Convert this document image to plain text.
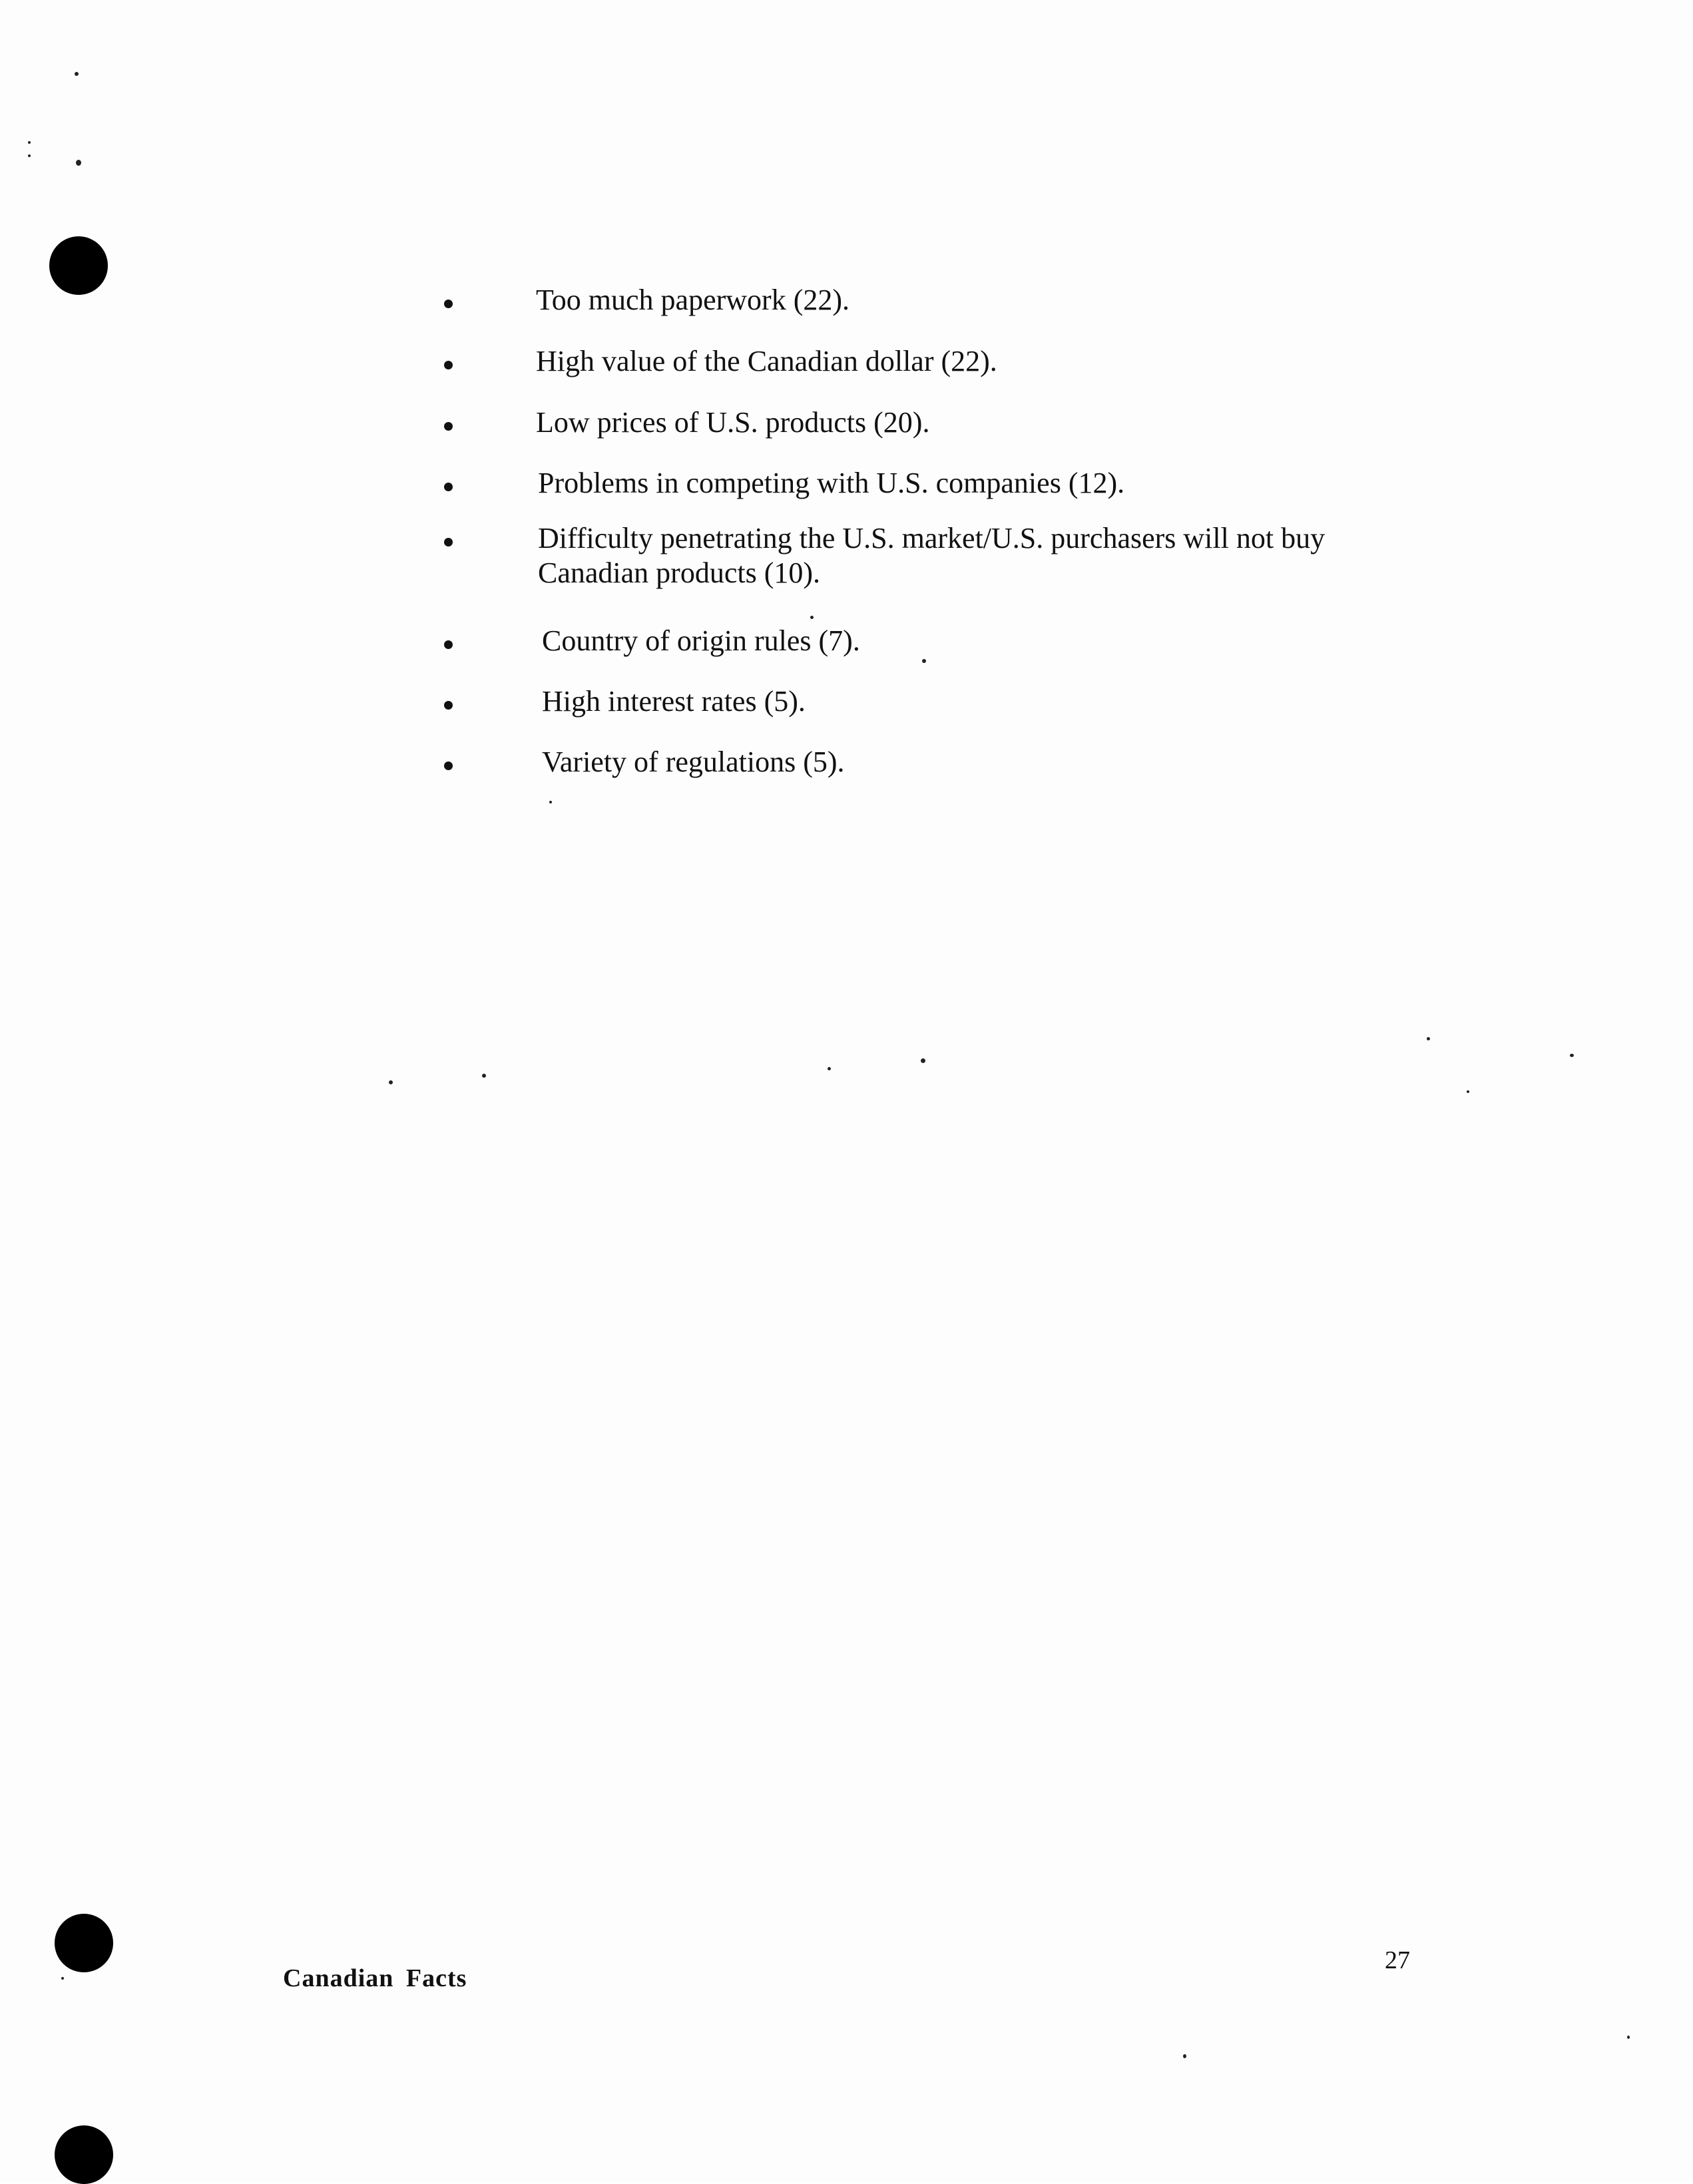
Too much paperwork (22).
High value of the Canadian dollar (22).
Low prices of U.S. products (20).
Problems in competing with U.S. companies (12).
Difficulty penetrating the U.S. market/U.S. purchasers will not buy
Canadian products (10).
Country of origin rules (7).
High interest rates (5).
Variety of regulations (5).
Canadian Facts
27
